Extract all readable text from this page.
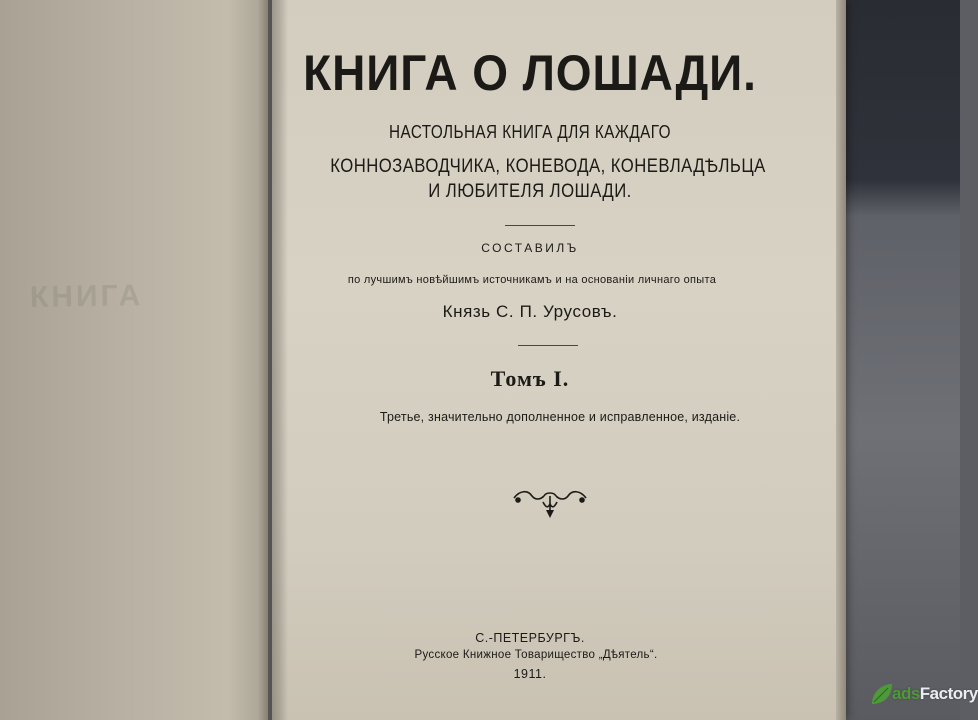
КНИГА
КНИГА О ЛОШАДИ.
НАСТОЛЬНАЯ КНИГА ДЛЯ КАЖДАГО
КОННОЗАВОДЧИКА, КОНЕВОДА, КОНЕВЛАДѢЛЬЦА
И ЛЮБИТЕЛЯ ЛОШАДИ.
СОСТАВИЛЪ
по лучшимъ новѣйшимъ источникамъ и на основаніи личнаго опыта
Князь С. П. Урусовъ.
Томъ I.
Третье, значительно дополненное и исправленное, изданіе.
С.-ПЕТЕРБУРГЪ.
Русское Книжное Товарищество „Дѣятель“.
1911.
adsFactory
